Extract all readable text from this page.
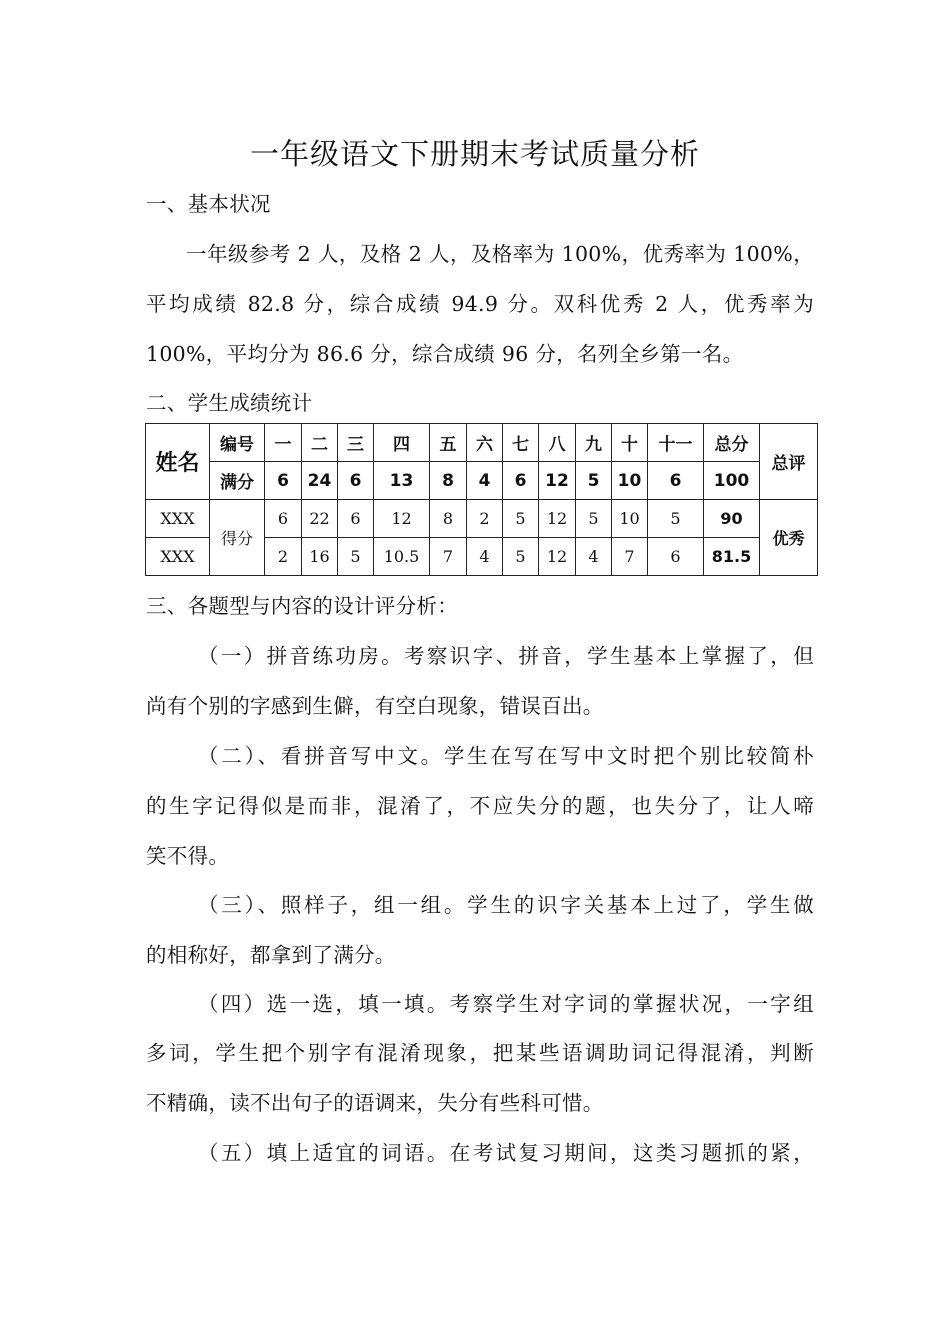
一年级语文下册期末考试质量分析
一、基本状况
一年级参考 2 人，及格 2 人，及格率为 100%，优秀率为 100%，
平均成绩 82.8 分，综合成绩 94.9 分。双科优秀 2 人，优秀率为
100%，平均分为 86.6 分，综合成绩 96 分，名列全乡第一名。
二、学生成绩统计
姓名	编号	一	二	三	四	五	六	七	八	九	十	十一	总分	总评
	满分	6	24	6	13	8	4	6	12	5	10	6	100	
XXX	得分	6	22	6	12	8	2	5	12	5	10	5	90	优秀
XXX		2	16	5	10.5	7	4	5	12	4	7	6	81.5	
三、各题型与内容的设计评分析：
（一）拼音练功房。考察识字、拼音，学生基本上掌握了，但
尚有个别的字感到生僻，有空白现象，错误百出。
（二）、看拼音写中文。学生在写在写中文时把个别比较简朴
的生字记得似是而非，混淆了，不应失分的题，也失分了，让人啼
笑不得。
（三）、照样子，组一组。学生的识字关基本上过了，学生做
的相称好，都拿到了满分。
（四）选一选，填一填。考察学生对字词的掌握状况，一字组
多词，学生把个别字有混淆现象，把某些语调助词记得混淆，判断
不精确，读不出句子的语调来，失分有些科可惜。
（五）填上适宜的词语。在考试复习期间，这类习题抓的紧，
